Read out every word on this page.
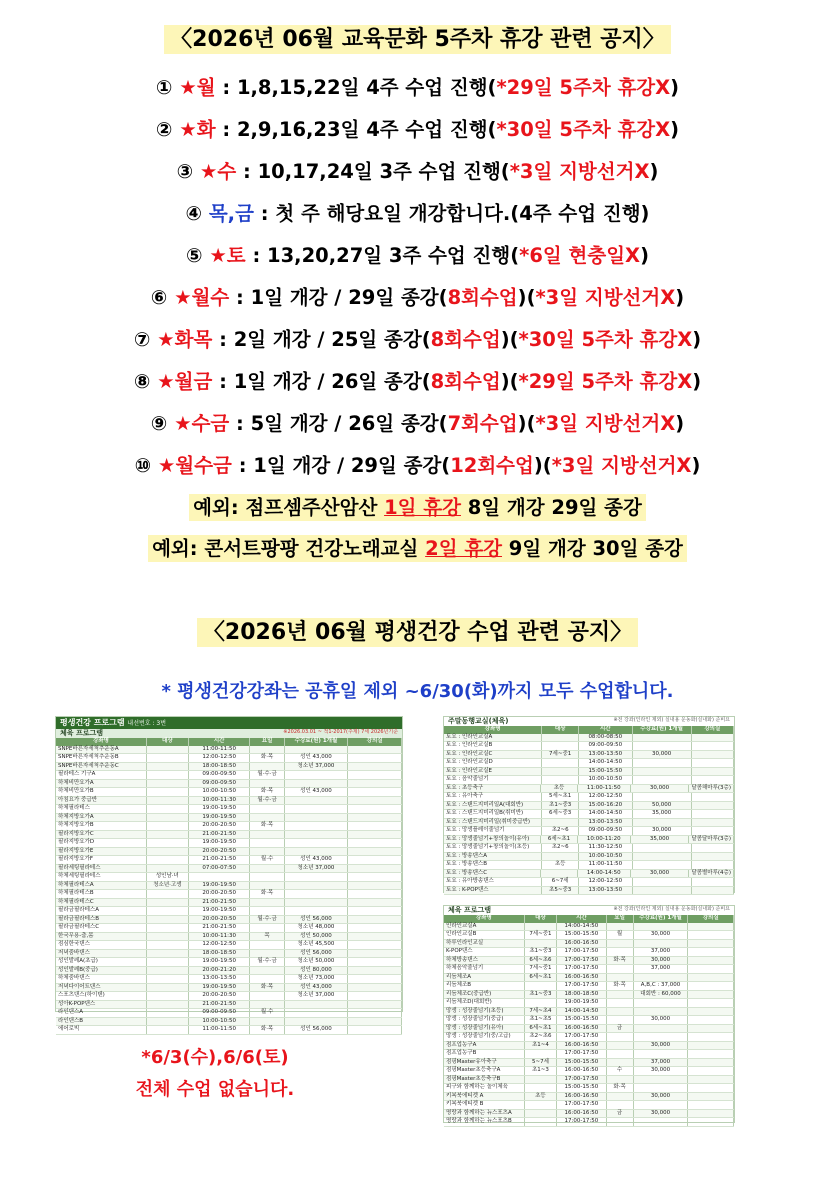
〈2026년 06월 교육문화 5주차 휴강 관련 공지〉
① ★월 : 1,8,15,22일 4주 수업 진행(*29일 5주차 휴강X)
② ★화 : 2,9,16,23일 4주 수업 진행(*30일 5주차 휴강X)
③ ★수 : 10,17,24일 3주 수업 진행(*3일 지방선거X)
④ 목,금 : 첫 주 해당요일 개강합니다.(4주 수업 진행)
⑤ ★토 : 13,20,27일 3주 수업 진행(*6일 현충일X)
⑥ ★월수 : 1일 개강 / 29일 종강(8회수업)(*3일 지방선거X)
⑦ ★화목 : 2일 개강 / 25일 종강(8회수업)(*30일 5주차 휴강X)
⑧ ★월금 : 1일 개강 / 26일 종강(8회수업)(*29일 5주차 휴강X)
⑨ ★수금 : 5일 개강 / 26일 종강(7회수업)(*3일 지방선거X)
⑩ ★월수금 : 1일 개강 / 29일 종강(12회수업)(*3일 지방선거X)
예외: 점프셈주산암산 1일 휴강 8일 개강 29일 종강
예외: 콘서트팡팡 건강노래교실 2일 휴강 9일 개강 30일 종강
〈2026년 06월 평생건강 수업 관련 공지〉
* 평생건강강좌는 공휴일 제외 ~6/30(화)까지 모두 수업합니다.
*6/3(수),6/6(토)
전체 수업 없습니다.
평생건강 프로그램 내선번호 : 3번
체육 프로그램	※2026.03.01 ~ 적1-2017(주제) 7세 2026년기준
강좌명	대상	시간	요일	수강료(원) 1개월	강의실
SNPE바른자세척추운동A	11:00-11:50
SNPE바른자세척추운동B	12:00-12:50	화·목	성인 43,000
SNPE바른자세척추운동C	18:00-18:50	청소년 37,000
필라테스 기구A	09:00-09:50	월·수·금
하체비만요가A	09:00-09:50
하체비만요가B	10:00-10:50	화·목	성인 43,000
아침요가 중급반	10:00-11:30	월·수·금
하체필라테스	19:00-19:50
하체지방요가A	19:00-19:50
하체지방요가B	20:00-20:50	화·목
필라지방요가C	21:00-21:50
필라지방요가D	19:00-19:50
필라지방요가E	20:00-20:50
필라지방요가F	21:00-21:50	월·수	성인 43,000
필라세팅필라테스	07:00-07:50	청소년 37,000
하체세팅필라테스	성인남·녀
하체필라테스A	청소년·고생	19:00-19:50
하체필라테스B	20:00-20:50	화·목
하체필라테스C	21:00-21:50
필라금필라테스A	19:00-19:50
필라금필라테스B	20:00-20:50	월·수·금	성인 56,000
필라금필라테스C	21:00-21:50	청소년 48,000
한국무용-춤,몸	10:00-11:30	목	성인 50,000
점심한국댄스	12:00-12:50	청소년 45,500
저녁줌바댄스	18:00-18:50	성인 56,000
성인발레A(초급)	19:00-19:50	월·수·금	청소년 50,000
성인발레B(중급)	20:00-21:20	성인 80,000
하체줌바댄스	13:00-13:50	청소년 73,000
저녁다이어트댄스	19:00-19:50	화·목	성인 43,000
스포츠댄스(하이텐)	20:00-20:50	청소년 37,000
성아K-POP댄스	21:00-21:50
라인댄스A	09:00-09:50	월·수
라인댄스B	10:00-10:50
에어로빅	11:00-11:50	화·목	성인 56,000
주말동행교실(체육)	※전 강좌(인라인 제외) 실내용 운동화(실내화) 준비요
강좌명	대상	시간	수강료(원) 1개월	강의실
토요 : 인라인교실A	08:00-08:50
토요 : 인라인교실B	09:00-09:50
토요 : 인라인교실C	7세~중1	13:00-13:50	30,000
토요 : 인라인교실D	14:00-14:50
토요 : 인라인교실E	15:00-15:50
토요 : 음악줄넘기	10:00-10:50
토요 : 초등축구	초등	11:00-11:50	30,000	달콤해마루(3층)
토요 : 유아축구	5세~초1	12:00-12:50
토요 : 스탠드지미리일A(대회반)	초1~중3	15:00-16:20	50,000
토요 : 스탠드지미리일B(취미반)	6세~중3	14:00-14:50	35,000
토요 : 스탠드지미리일(취미중급반)	13:00-13:50
토요 : 망생플레이줄넘기	초2~6	09:00-09:50	30,000
토요 : 망생줄넘기+창의놀이(유아)	6세~초1	10:00-11:20	35,000	달콤달마루(3층)
토요 : 망생줄넘기+창의놀이(초등)	초2~6	11:30-12:50
토요 : 방송댄스A	10:00-10:50
토요 : 방송댄스B	초등	11:00-11:50
토요 : 방송댄스C	14:00-14:50	30,000	달콤별마루(4층)
토요 : 유아방송댄스	6~7세	12:00-12:50
토요 : K-POP댄스	초5~중3	13:00-13:50
체육 프로그램	※전 강좌(인라인 제외) 실내용 운동화(실내화) 준비요
강좌명	대상	시간	요일	수강료(원) 1개월	강의실
인라인교실A	14:00-14:50
인라인교실B	7세~중1	15:00-15:50	월	30,000
하루인라인교실	16:00-16:50
K-POP댄스	초1~중3	17:00-17:50	37,000
하체방송댄스	6세~초6	17:00-17:50	화·목	30,000
하체음악줄넘기	7세~중1	17:00-17:50	37,000
리듬체조A	6세~초1	16:00-16:50
리듬체조B	17:00-17:50	화·목	A,B,C : 37,000
리듬체조C(중급반)	초1~중3	18:00-18:50	대회반 : 60,000
리듬체조D(대회반)	19:00-19:50
망생 : 성장줄넘기(초등)	7세~초4	14:00-14:50
망생 : 성장줄넘기(중급)	초1~초5	15:00-15:50	30,000
망생 : 성장줄넘기(유아)	6세~초1	16:00-16:50	금
망생 : 성장줄넘기(중/고급)	초2~초6	17:00-17:50
점프업농구A	초1~4	16:00-16:50	30,000
점프업농구B	17:00-17:50
점핑Master유아축구	5~7세	15:00-15:50	37,000
점핑Master초등축구A	초1~3	16:00-16:50	수	30,000
점핑Master초등축구B	17:00-17:50
피구와 함께하는 놀이체육	15:00-15:50	화·목
키복북에티켓 A	초등	16:00-16:50	30,000
키복북에티켓 B	17:00-17:50
명랑과 함께하는 뉴스포츠A	16:00-16:50	금	30,000
명랑과 함께하는 뉴스포츠B	17:00-17:50
